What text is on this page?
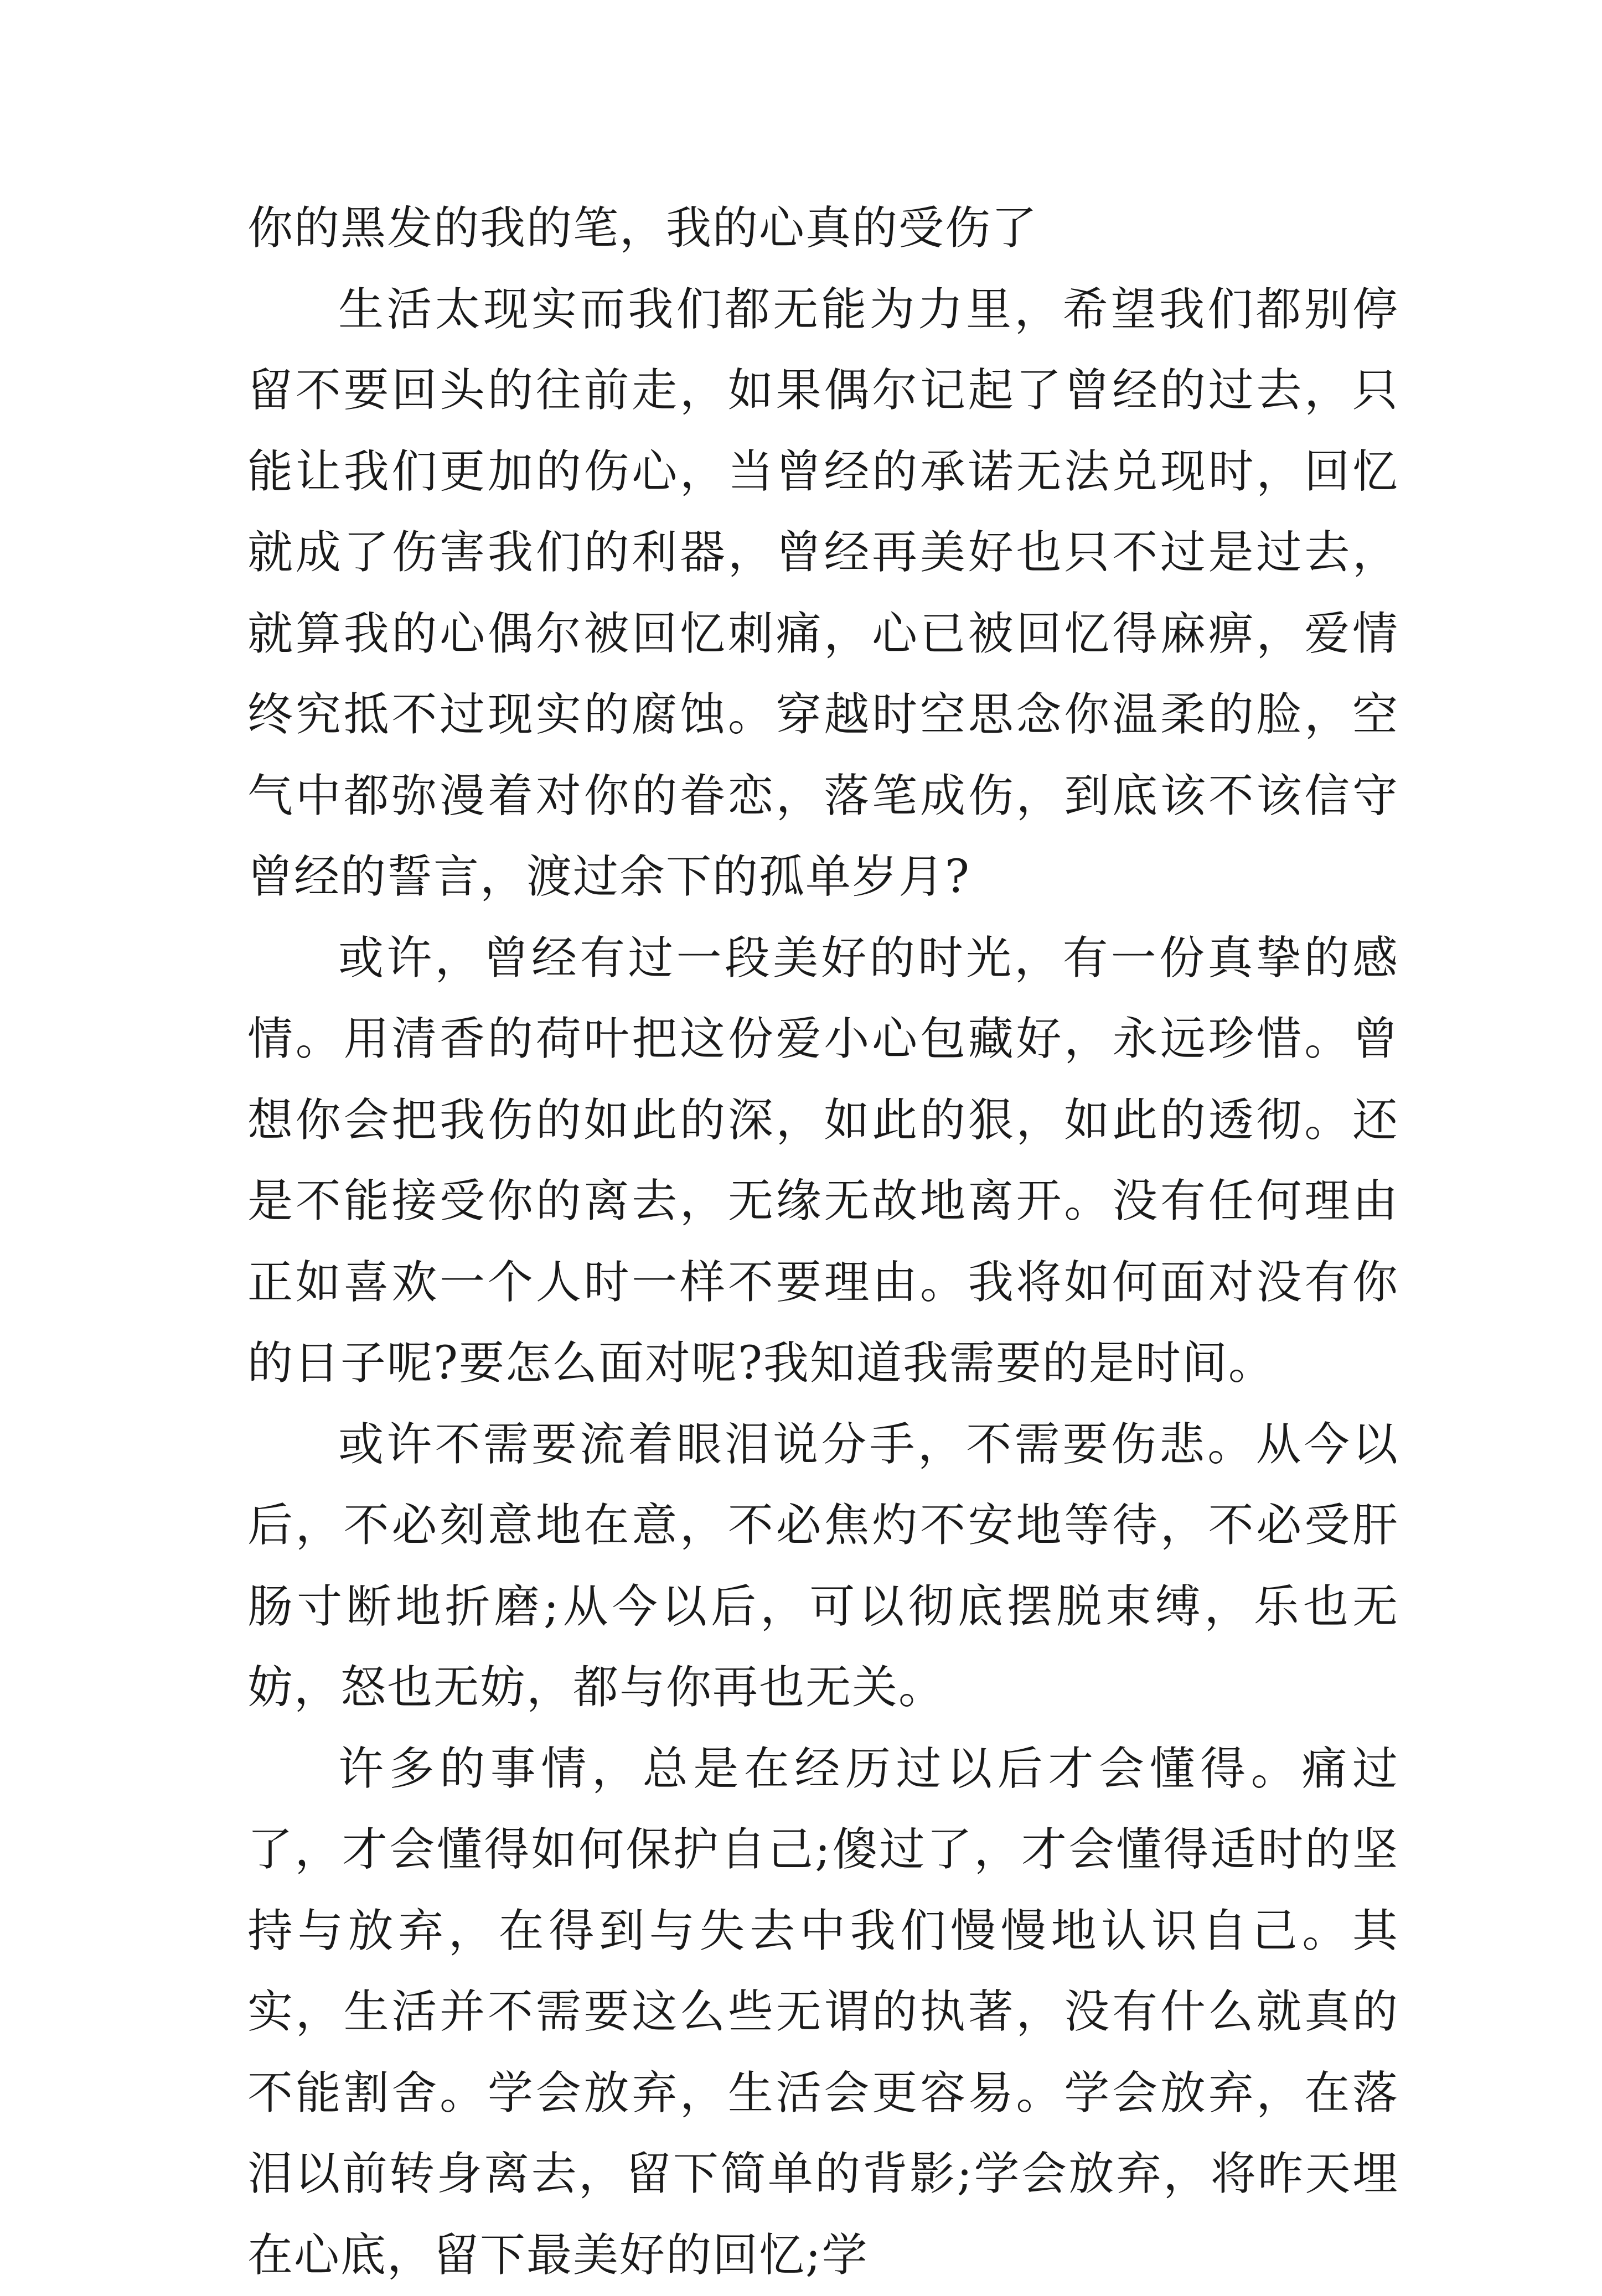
你的黑发的我的笔，我的心真的受伤了

生活太现实而我们都无能为力里，希望我们都别停留不要回头的往前走，如果偶尔记起了曾经的过去，只能让我们更加的伤心，当曾经的承诺无法兑现时，回忆就成了伤害我们的利器，曾经再美好也只不过是过去，就算我的心偶尔被回忆刺痛，心已被回忆得麻痹，爱情终究抵不过现实的腐蚀。穿越时空思念你温柔的脸，空气中都弥漫着对你的眷恋，落笔成伤，到底该不该信守曾经的誓言，渡过余下的孤单岁月?

或许，曾经有过一段美好的时光，有一份真挚的感情。用清香的荷叶把这份爱小心包藏好，永远珍惜。曾想你会把我伤的如此的深，如此的狠，如此的透彻。还是不能接受你的离去，无缘无故地离开。没有任何理由正如喜欢一个人时一样不要理由。我将如何面对没有你的日子呢?要怎么面对呢?我知道我需要的是时间。

或许不需要流着眼泪说分手，不需要伤悲。从今以后，不必刻意地在意，不必焦灼不安地等待，不必受肝肠寸断地折磨;从今以后，可以彻底摆脱束缚，乐也无妨，怒也无妨，都与你再也无关。

许多的事情，总是在经历过以后才会懂得。痛过了，才会懂得如何保护自己;傻过了，才会懂得适时的坚持与放弃，在得到与失去中我们慢慢地认识自己。其实，生活并不需要这么些无谓的执著，没有什么就真的不能割舍。学会放弃，生活会更容易。学会放弃，在落泪以前转身离去，留下简单的背影;学会放弃，将昨天埋在心底，留下最美好的回忆;学
